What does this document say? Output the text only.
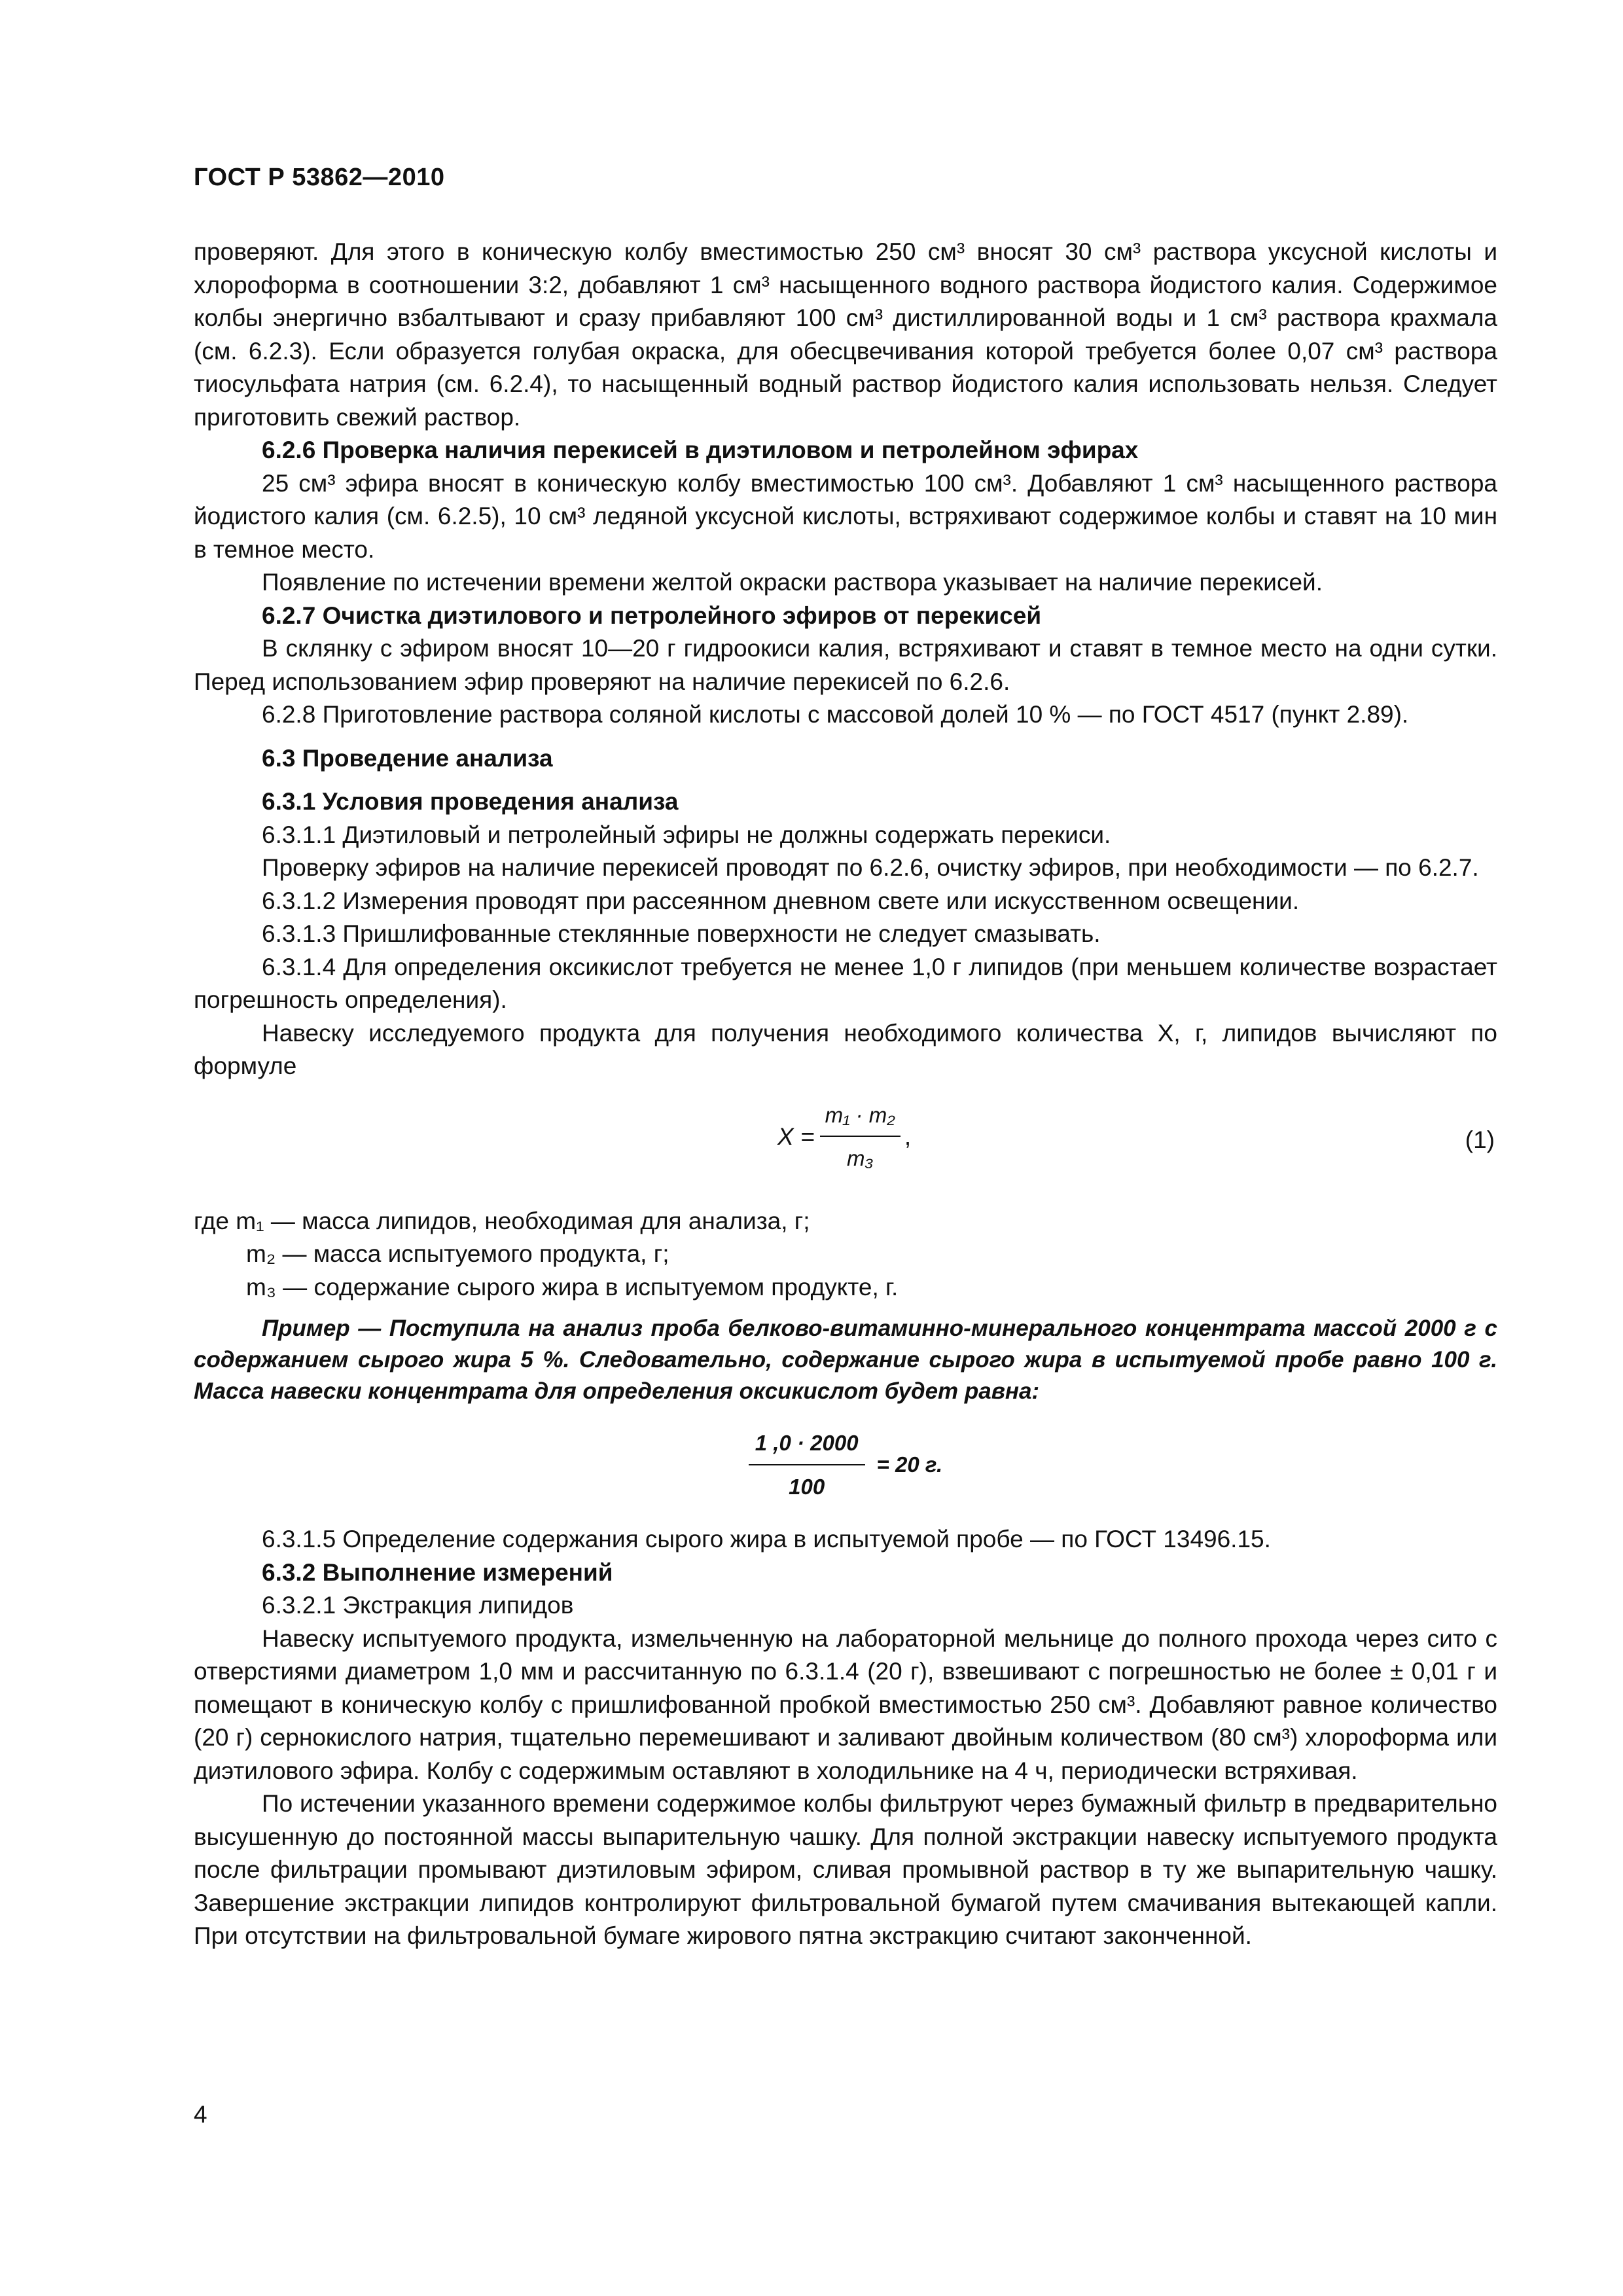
ГОСТ Р 53862—2010

проверяют. Для этого в коническую колбу вместимостью 250 см³ вносят 30 см³ раствора уксусной кислоты и хлороформа в соотношении 3:2, добавляют 1 см³ насыщенного водного раствора йодистого калия. Содержимое колбы энергично взбалтывают и сразу прибавляют 100 см³ дистиллированной воды и 1 см³ раствора крахмала (см. 6.2.3). Если образуется голубая окраска, для обесцвечивания которой требуется более 0,07 см³ раствора тиосульфата натрия (см. 6.2.4), то насыщенный водный раствор йодистого калия использовать нельзя. Следует приготовить свежий раствор.

6.2.6 Проверка наличия перекисей в диэтиловом и петролейном эфирах

25 см³ эфира вносят в коническую колбу вместимостью 100 см³. Добавляют 1 см³ насыщенного раствора йодистого калия (см. 6.2.5), 10 см³ ледяной уксусной кислоты, встряхивают содержимое колбы и ставят на 10 мин в темное место.

Появление по истечении времени желтой окраски раствора указывает на наличие перекисей.

6.2.7 Очистка диэтилового и петролейного эфиров от перекисей

В склянку с эфиром вносят 10—20 г гидроокиси калия, встряхивают и ставят в темное место на одни сутки. Перед использованием эфир проверяют на наличие перекисей по 6.2.6.

6.2.8 Приготовление раствора соляной кислоты с массовой долей 10 % — по ГОСТ 4517 (пункт 2.89).

6.3 Проведение анализа

6.3.1 Условия проведения анализа

6.3.1.1 Диэтиловый и петролейный эфиры не должны содержать перекиси.

Проверку эфиров на наличие перекисей проводят по 6.2.6, очистку эфиров, при необходимости — по 6.2.7.

6.3.1.2 Измерения проводят при рассеянном дневном свете или искусственном освещении.

6.3.1.3 Пришлифованные стеклянные поверхности не следует смазывать.

6.3.1.4 Для определения оксикислот требуется не менее 1,0 г липидов (при меньшем количестве возрастает погрешность определения).

Навеску исследуемого продукта для получения необходимого количества X, г, липидов вычисляют по формуле

$X = \frac{\text{m₁ · m₂}}{\text{m₃}}$ ,	(1)

где m₁ — масса липидов, необходимая для анализа, г;

m₂ — масса испытуемого продукта, г;

m₃ — содержание сырого жира в испытуемом продукте, г.

Пример — Поступила на анализ проба белково-витаминно-минерального концентрата массой 2000 г с содержанием сырого жира 5 %. Следовательно, содержание сырого жира в испытуемой пробе равно 100 г. Масса навески концентрата для определения оксикислот будет равна:

$\frac{1 ,0 \cdot 2000}{100} = 20$ г.

6.3.1.5 Определение содержания сырого жира в испытуемой пробе — по ГОСТ 13496.15.

6.3.2 Выполнение измерений

6.3.2.1 Экстракция липидов

Навеску испытуемого продукта, измельченную на лабораторной мельнице до полного прохода через сито с отверстиями диаметром 1,0 мм и рассчитанную по 6.3.1.4 (20 г), взвешивают с погрешностью не более ± 0,01 г и помещают в коническую колбу с пришлифованной пробкой вместимостью 250 см³. Добавляют равное количество (20 г) сернокислого натрия, тщательно перемешивают и заливают двойным количеством (80 см³) хлороформа или диэтилового эфира. Колбу с содержимым оставляют в холодильнике на 4 ч, периодически встряхивая.

По истечении указанного времени содержимое колбы фильтруют через бумажный фильтр в предварительно высушенную до постоянной массы выпарительную чашку. Для полной экстракции навеску испытуемого продукта после фильтрации промывают диэтиловым эфиром, сливая промывной раствор в ту же выпарительную чашку. Завершение экстракции липидов контролируют фильтровальной бумагой путем смачивания вытекающей капли. При отсутствии на фильтровальной бумаге жирового пятна экстракцию считают законченной.

4
